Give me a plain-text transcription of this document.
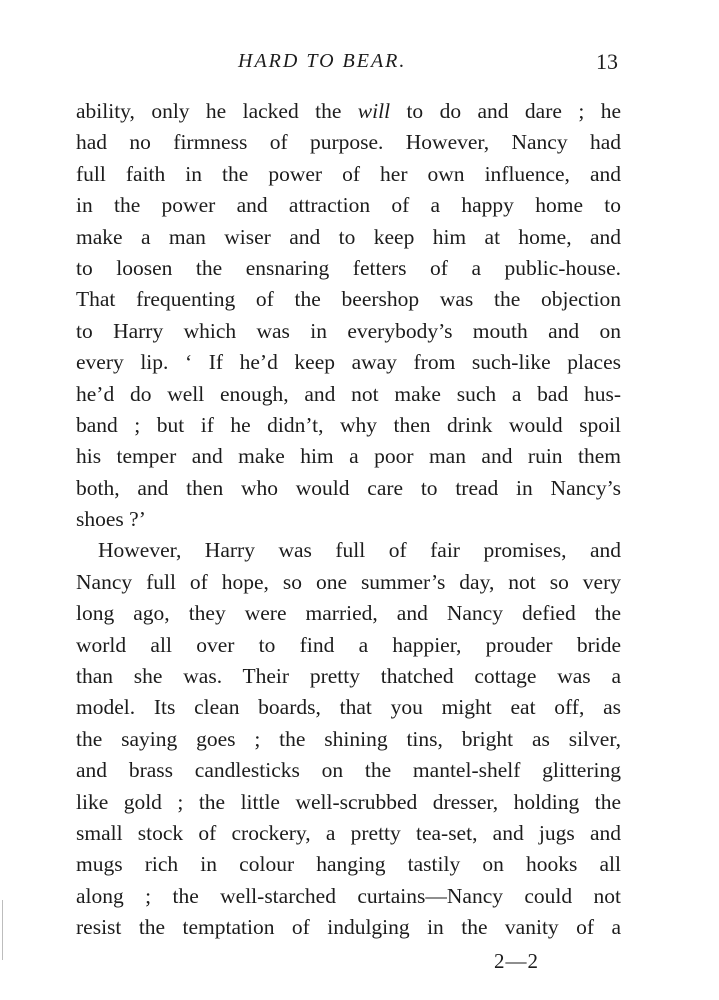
HARD TO BEAR.	13
ability, only he lacked the will to do and dare ; he
had no firmness of purpose. However, Nancy had
full faith in the power of her own influence, and
in the power and attraction of a happy home to
make a man wiser and to keep him at home, and
to loosen the ensnaring fetters of a public-house.
That frequenting of the beershop was the objection
to Harry which was in everybody’s mouth and on
every lip. ‘ If he’d keep away from such-like places
he’d do well enough, and not make such a bad hus-
band ; but if he didn’t, why then drink would spoil
his temper and make him a poor man and ruin them
both, and then who would care to tread in Nancy’s
shoes ?’
However, Harry was full of fair promises, and
Nancy full of hope, so one summer’s day, not so very
long ago, they were married, and Nancy defied the
world all over to find a happier, prouder bride
than she was. Their pretty thatched cottage was a
model. Its clean boards, that you might eat off, as
the saying goes ; the shining tins, bright as silver,
and brass candlesticks on the mantel-shelf glittering
like gold ; the little well-scrubbed dresser, holding the
small stock of crockery, a pretty tea-set, and jugs and
mugs rich in colour hanging tastily on hooks all
along ; the well-starched curtains—Nancy could not
resist the temptation of indulging in the vanity of a
2—2
